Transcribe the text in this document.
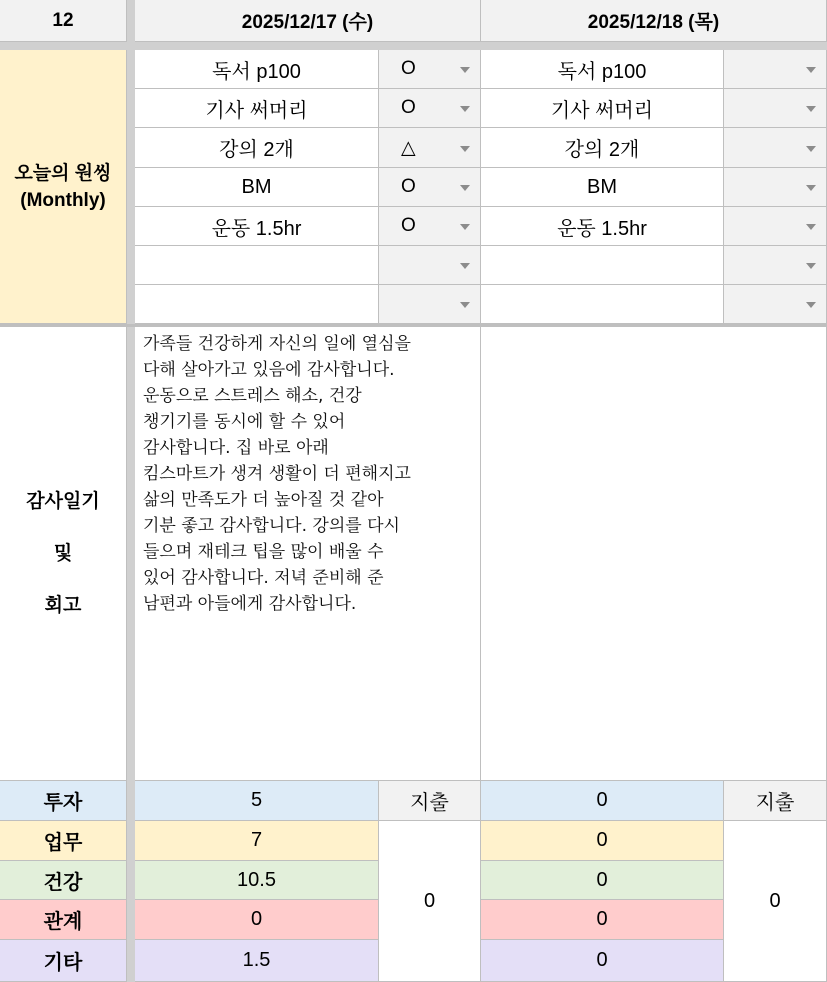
12	2025/12/17 (수)	2025/12/18 (목)
오늘의 원씽
(Monthly)
독서 p100
기사 써머리
강의 2개
BM
운동 1.5hr
O
O
△
O
O
독서 p100
기사 써머리
강의 2개
BM
운동 1.5hr
감사일기
및
회고
가족들 건강하게 자신의 일에 열심을
다해 살아가고 있음에 감사합니다.
운동으로 스트레스 해소, 건강
챙기기를 동시에 할 수 있어
감사합니다. 집 바로 아래
킴스마트가 생겨 생활이 더 편해지고
삶의 만족도가 더 높아질 것 같아
기분 좋고 감사합니다. 강의를 다시
들으며 재테크 팁을 많이 배울 수
있어 감사합니다. 저녁 준비해 준
남편과 아들에게 감사합니다.
투자
업무
건강
관계
기타
5
7
10.5
0
1.5
지출
0
0
0
0
0
0
지출
0
